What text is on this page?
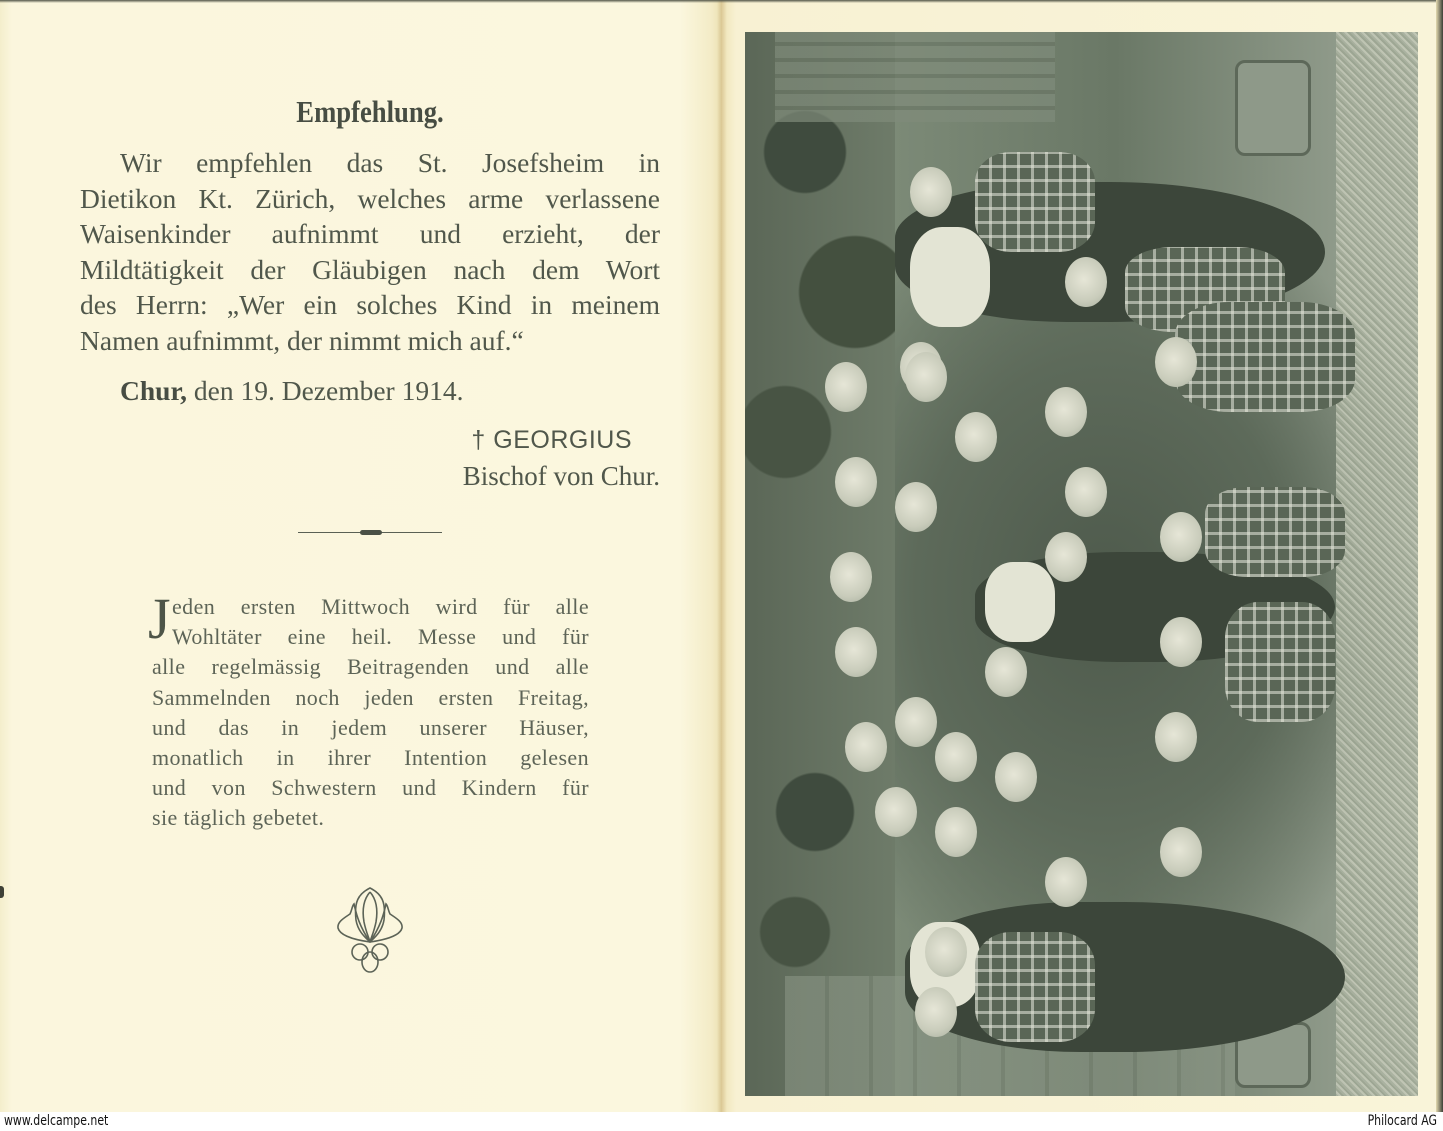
Empfehlung.
Wir empfehlen das St. Josefsheim in
Dietikon Kt. Zürich, welches arme verlassene
Waisenkinder aufnimmt und erzieht, der
Mildtätigkeit der Gläubigen nach dem Wort
des Herrn: „Wer ein solches Kind in meinem
Namen aufnimmt, der nimmt mich auf.“
Chur, den 19. Dezember 1914.
† GEORGIUS
Bischof von Chur.
J eden ersten Mittwoch wird für alle
Wohltäter eine heil. Messe und für
alle regelmässig Beitragenden und alle
Sammelnden noch jeden ersten Freitag,
und das in jedem unserer Häuser,
monatlich in ihrer Intention gelesen
und von Schwestern und Kindern für
sie täglich gebetet.
www.delcampe.net	Philocard AG
